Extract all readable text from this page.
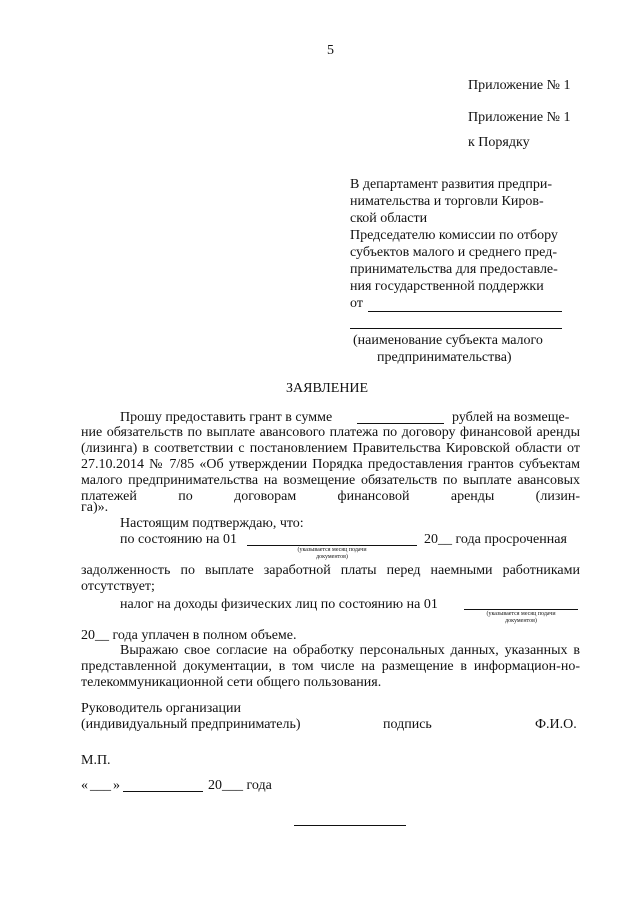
5
Приложение № 1
Приложение № 1
к Порядку
В департамент развития предпри-
нимательства и торговли Киров-
ской области
Председателю комиссии по отбору
субъектов малого и среднего пред-
принимательства для предоставле-
ния государственной поддержки
от
(наименование субъекта малого
предпринимательства)
ЗАЯВЛЕНИЕ
Прошу предоставить грант в сумме	рублей на возмеще-
ние обязательств по выплате авансового платежа по договору финансовой аренды (лизинга) в соответствии с постановлением Правительства Кировской области от 27.10.2014 № 7/85 «Об утверждении Порядка предоставления грантов субъектам малого предпринимательства на возмещение обязательств по выплате авансовых платежей по договорам финансовой аренды (лизин-
га)».
Настоящим подтверждаю, что:
по состоянию на 01
(указывается месяц подачи
документов)
20__ года просроченная
задолженность по выплате заработной платы перед наемными работниками отсутствует;
налог на доходы физических лиц по состоянию на 01
(указывается месяц подачи
документов)
20__ года уплачен в полном объеме.
Выражаю свое согласие на обработку персональных данных, указанных в представленной документации, в том числе на размещение в информацион-но-телекоммуникационной сети общего пользования.
Руководитель организации
(индивидуальный предприниматель)	подпись	Ф.И.О.
М.П.
« ___ »	20___ года
